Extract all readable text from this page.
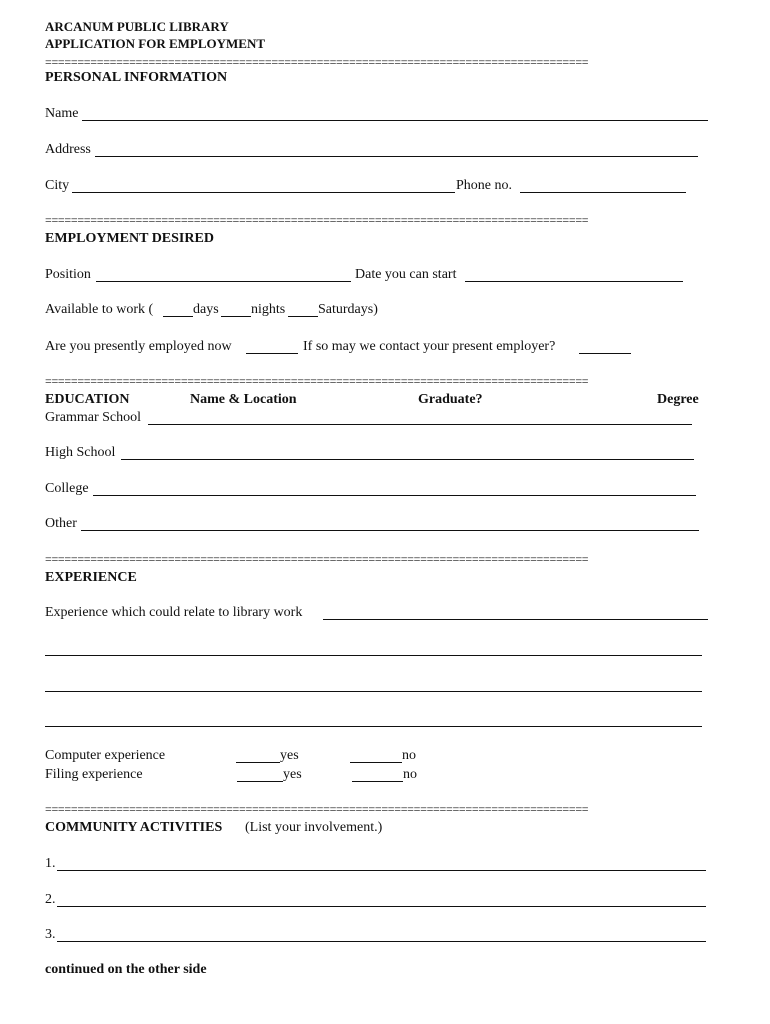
ARCANUM PUBLIC LIBRARY
APPLICATION FOR EMPLOYMENT
====================================================================================
PERSONAL INFORMATION
Name
Address
City	Phone no.
====================================================================================
EMPLOYMENT DESIRED
Position	Date you can start
Available to work (	days nights Saturdays)
Are you presently employed now	If so may we contact your present employer?
====================================================================================
EDUCATION	Name & Location	Graduate?	Degree
Grammar School
High School
College
Other
====================================================================================
EXPERIENCE
Experience which could relate to library work
Computer experience	yes	no
Filing experience	yes	no
====================================================================================
COMMUNITY ACTIVITIES (List your involvement.)
1.
2.
3.
continued on the other side
